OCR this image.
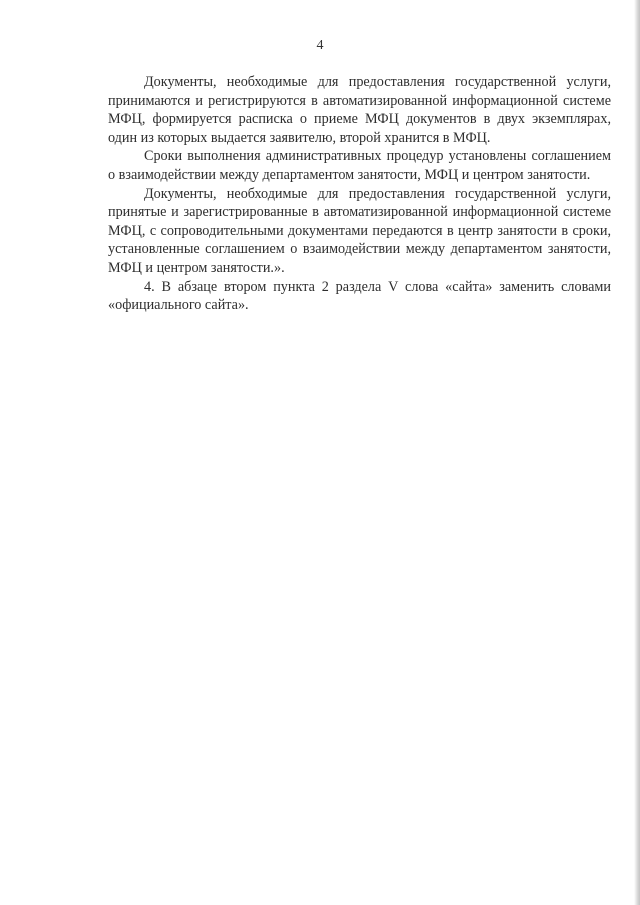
4

Документы, необходимые для предоставления государственной услуги, принимаются и регистрируются в автоматизированной информационной системе МФЦ, формируется расписка о приеме МФЦ документов в двух экземплярах, один из которых выдается заявителю, второй хранится в МФЦ.

Сроки выполнения административных процедур установлены соглашением о взаимодействии между департаментом занятости, МФЦ и центром занятости.

Документы, необходимые для предоставления государственной услуги, принятые и зарегистрированные в автоматизированной информационной системе МФЦ, с сопроводительными документами передаются в центр занятости в сроки, установленные соглашением о взаимодействии между департаментом занятости, МФЦ и центром занятости.».

4. В абзаце втором пункта 2 раздела V слова «сайта» заменить словами «официального сайта».
